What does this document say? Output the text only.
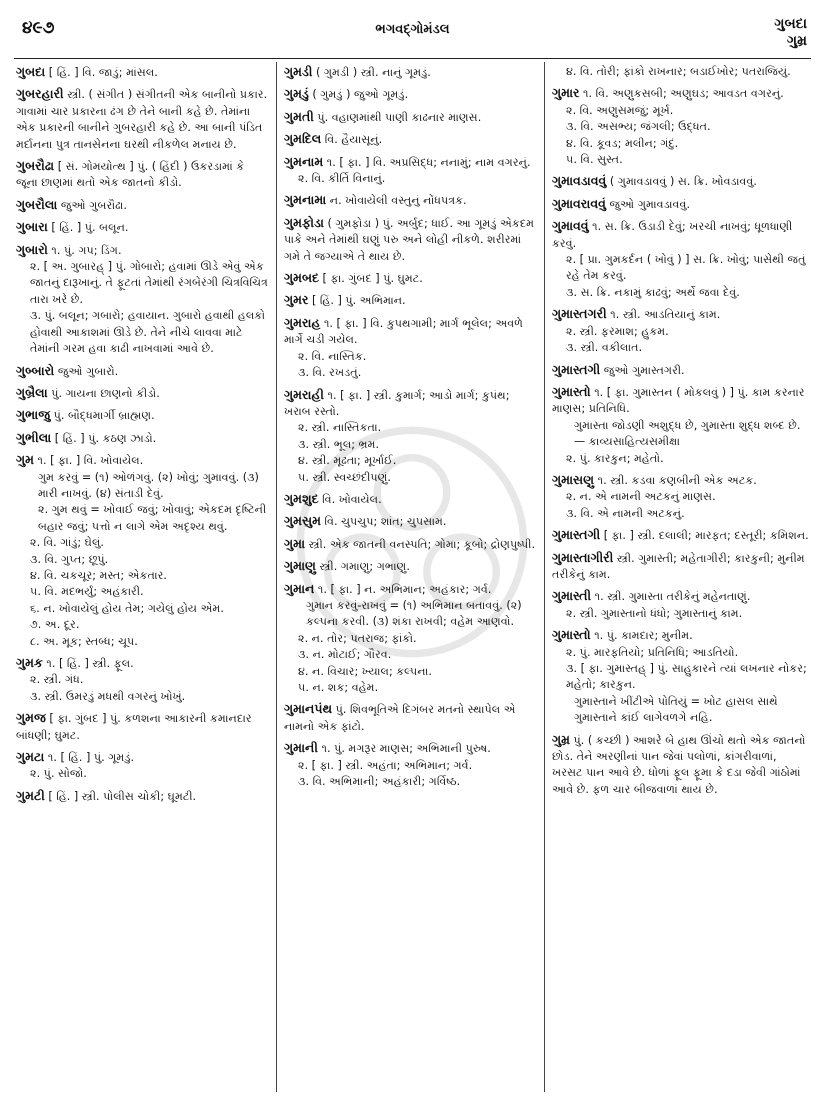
૪૯૭	ભગવદ્ગોમંડલ	ગુબદા
ગુમ્ર
ગુબદા [ હિં. ] વિ. જાડું; માંસલ.
ગુબરહારી સ્ત્રી. ( સંગીત ) સંગીતની એક બાનીનો પ્રકાર. ગાવામાં ચાર પ્રકારના ઢંગ છે તેને બાની કહે છે. તેમાંના એક પ્રકારની બાનીને ગુબરહારી કહે છે. આ બાની પંડિત મર્દાનના પુત્ર તાનસેનના ઘરથી નીકળેલ મનાય છે.
ગુબરૌઢા [ સં. ગોમયોત્થ ] પું. ( હિંદી ) ઉકરડામાં કે જૂના છાણમાં થતો એક જાતનો કીડો.
ગુબરૌલા જુઓ ગુબરૌઢા.
ગુબારા [ હિં. ] પું. બલૂન.
ગુબારો ૧. પું. ગપ; ડિંગ.
૨. [ અ. ગુબારહ્ ] પું. ગોબારો; હવામાં ઊડે એવું એક જાતનું દારૂખાનું. તે ફૂટતાં તેમાંથી રંગબેરંગી ચિત્રવિચિત્ર તારા ખરે છે.
૩. પું. બલૂન; ગબારો; હવાયાન. ગુબારો હવાથી હલકો હોવાથી આકાશમાં ઊડે છે. તેને નીચે લાવવા માટે તેમાંની ગરમ હવા કાઢી નાખવામાં આવે છે.
ગુબ્બારો જુઓ ગુબારો.
ગુબ્રૈલા પું. ગાયના છાણનો કીડો.
ગુભાજુ પું. બૌદ્ધમાર્ગી બ્રાહ્મણ.
ગુભીલા [ હિં. ] પું. કઠણ ઝાડો.
ગુમ ૧. [ ફા. ] વિ. ખોવાયેલ.
ગુમ કરવું = (૧) ઓળંગવું. (૨) ખોવું; ગુમાવવું. (૩) મારી નાખવું. (૪) સંતાડી દેવું.
૨. ગુમ થવું = ખોવાઈ જવું; ખોવાવું; એકદમ દૃષ્ટિની બહાર જવું; પત્તો ન લાગે એમ અદૃશ્ય થવું.
૨. વિ. ગાંડું; ઘેલું.
૩. વિ. ગુપ્ત; છૂપું.
૪. વિ. ચકચૂર; મસ્ત; એકતાર.
૫. વિ. મદભર્યું; અહંકારી.
૬. ન. ખોવાયેલું હોય તેમ; ગયેલું હોય એમ.
૭. અ. દૂર.
૮. અ. મૂક; સ્તબ્ધ; ચૂપ.
ગુમક ૧. [ હિં. ] સ્ત્રી. ફૂલ.
૨. સ્ત્રી. ગંધ.
૩. સ્ત્રી. ઉમરડું મધથી વગરનું ખોખું.
ગુમજ [ ફા. ગુંબદ ] પું. કળશના આકારની કમાનદાર બાંધણી; ઘુમટ.
ગુમટા ૧. [ હિં. ] પું. ગૂમડું.
૨. પું. સોજો.
ગુમટી [ હિં. ] સ્ત્રી. પોલીસ ચોકી; ઘૂમટી.
ગુમડી ( ગુમડી ) સ્ત્રી. નાનું ગૂમડું.
ગુમડું ( ગુમડું ) જુઓ ગૂમડું.
ગુમતી પું. વહાણમાંથી પાણી કાઢનાર માણસ.
ગુમદિલ વિ. હૈયાસૂનું.
ગુમનામ ૧. [ ફા. ] વિ. અપ્રસિદ્ધ; નનામું; નામ વગરનું.
૨. વિ. કીર્તિ વિનાનું.
ગુમનામા ન. ખોવાયેલી વસ્તુનું નોંધપત્રક.
ગુમફોડા ( ગુમફોડા ) પું. અર્બુદ; ધાઈ. આ ગૂમડું એકદમ પાકે અને તેમાંથી ઘણું પરુ અને લોહી નીકળે. શરીરમાં ગમે તે જગ્યાએ તે થાય છે.
ગુમબદ [ ફા. ગુંબદ ] પું. ઘુમટ.
ગુમર [ હિં. ] પું. અભિમાન.
ગુમરાહ ૧. [ ફા. ] વિ. કુપથગામી; માર્ગ ભૂલેલ; અવળે માર્ગે ચડી ગયેલ.
૨. વિ. નાસ્તિક.
૩. વિ. રખડતું.
ગુમરાહી ૧. [ ફા. ] સ્ત્રી. કુમાર્ગ; આડો માર્ગ; કુપંથ; ખરાબ રસ્તો.
૨. સ્ત્રી. નાસ્તિકતા.
૩. સ્ત્રી. ભૂલ; ભ્રમ.
૪. સ્ત્રી. મૂઢતા; મૂર્ખાઈ.
૫. સ્ત્રી. સ્વચ્છંદીપણું.
ગુમશુદ વિ. ખોવાયેલ.
ગુમસુમ વિ. ચુપચુપ; શાંત; ચુપસામ.
ગુમા સ્ત્રી. એક જાતની વનસ્પતિ; ગોમા; કૂબો; દ્રોણપુષ્પી.
ગુમાણુ સ્ત્રી. ગમાણુ; ગભાણુ.
ગુમાન ૧. [ ફા. ] ન. અભિમાન; અહંકાર; ગર્વ.
ગુમાન કરવું-રાખવું = (૧) અભિમાન બતાવવું. (૨) કલ્પના કરવી. (૩) શંકા રાખવી; વહેમ આણવો.
૨. ન. તોર; પતરાજ; ફાંકો.
૩. ન. મોટાઈ; ગૌરવ.
૪. ન. વિચાર; ખ્યાલ; કલ્પના.
૫. ન. શક; વહેમ.
ગુમાનપંથ પું. શિવભૂતિએ દિગંબર મતનો સ્થાપેલ એ નામનો એક ફાંટો.
ગુમાની ૧. પું. મગરૂર માણસ; અભિમાની પુરુષ.
૨. [ ફા. ] સ્ત્રી. અહંતા; અભિમાન; ગર્વ.
૩. વિ. અભિમાની; અહંકારી; ગર્વિષ્ઠ.
૪. વિ. તોરી; ફાંકો રાખનાર; બડાઈખોર; પતરાજિયું.
ગુમાર ૧. વિ. અણુકસબી; અણુઘડ; આવડત વગરનું.
૨. વિ. અણુસમજું; મૂર્ખ.
૩. વિ. અસભ્ય; જંગલી; ઉદ્ધત.
૪. વિ. કૂવડ; મલીન; ગંદું.
૫. વિ. સુસ્ત.
ગુમાવડાવવું ( ગુમાવડાવવું ) સ. ક્રિ. ખોવડાવવું.
ગુમાવરાવવું જુઓ ગુમાવડાવવું.
ગુમાવવું ૧. સ. ક્રિ. ઉડાડી દેવું; ખરચી નાખવું; ધૂળધાણી કરવું.
૨. [ પ્રા. ગુમકર્દન ( ખોવું ) ] સ. ક્રિ. ખોવું; પાસેથી જતું રહે તેમ કરવું.
૩. સ. ક્રિ. નકામું કાઢવું; અર્થે જવા દેવું.
ગુમાસ્તગરી ૧. સ્ત્રી. આડતિયાનું કામ.
૨. સ્ત્રી. ફરમાશ; હુકમ.
૩. સ્ત્રી. વકીલાત.
ગુમાસ્તગી જુઓ ગુમાસ્તગરી.
ગુમાસ્તો ૧. [ ફા. ગુમાસ્તન ( મોકલવું ) ] પું. કામ કરનાર માણસ; પ્રતિનિધિ.
ગુમાસ્તા જોડણી અશુદ્ધ છે, ગુમાસ્તા શુદ્ધ શબ્દ છે. — કાવ્યસાહિત્યસમીક્ષા
૨. પું. કારકુન; મહેતો.
ગુમાસણુ ૧. સ્ત્રી. કડવા કણબીની એક અટક.
૨. ન. એ નામની અટકનું માણસ.
૩. વિ. એ નામની અટકનું.
ગુમાસ્તગી [ ફા. ] સ્ત્રી. દલાલી; મારફત; દસ્તૂરી; કમિશન.
ગુમાસ્તાગીરી સ્ત્રી. ગુમાસ્તી; મહેતાગીરી; કારકુની; મુનીમ તરીકેનું કામ.
ગુમાસ્તી ૧. સ્ત્રી. ગુમાસ્તા તરીકેનું મહેનતાણું.
૨. સ્ત્રી. ગુમાસ્તાનો ધંધો; ગુમાસ્તાનું કામ.
ગુમાસ્તો ૧. પું. કામદાર; મુનીમ.
૨. પું. મારફતિયો; પ્રતિનિધિ; આડતિયો.
૩. [ ફા. ગુમાસ્તહ્ ] પું. સાહુકારને ત્યાં લખનાર નોકર; મહેતો; કારકુન.
ગુમાસ્તાને ખીંટીએ પોતિયું = ખોટ હાસલ સાથે ગુમાસ્તાને કાંઈ લાગેવળગે નહિ.
ગુમ્ર પું. ( કચ્છી ) આશરે બે હાથ ઊંચો થતો એક જાતનો છોડ. તેને અરણીનાં પાન જેવાં પલોળાં, કાંગરીવાળાં, ખરસટ પાન આવે છે. ધોળાં ફૂલ ફૂમા કે દડા જેવી ગાંઠોમાં આવે છે. ફળ ચાર બીજવાળાં થાય છે.
